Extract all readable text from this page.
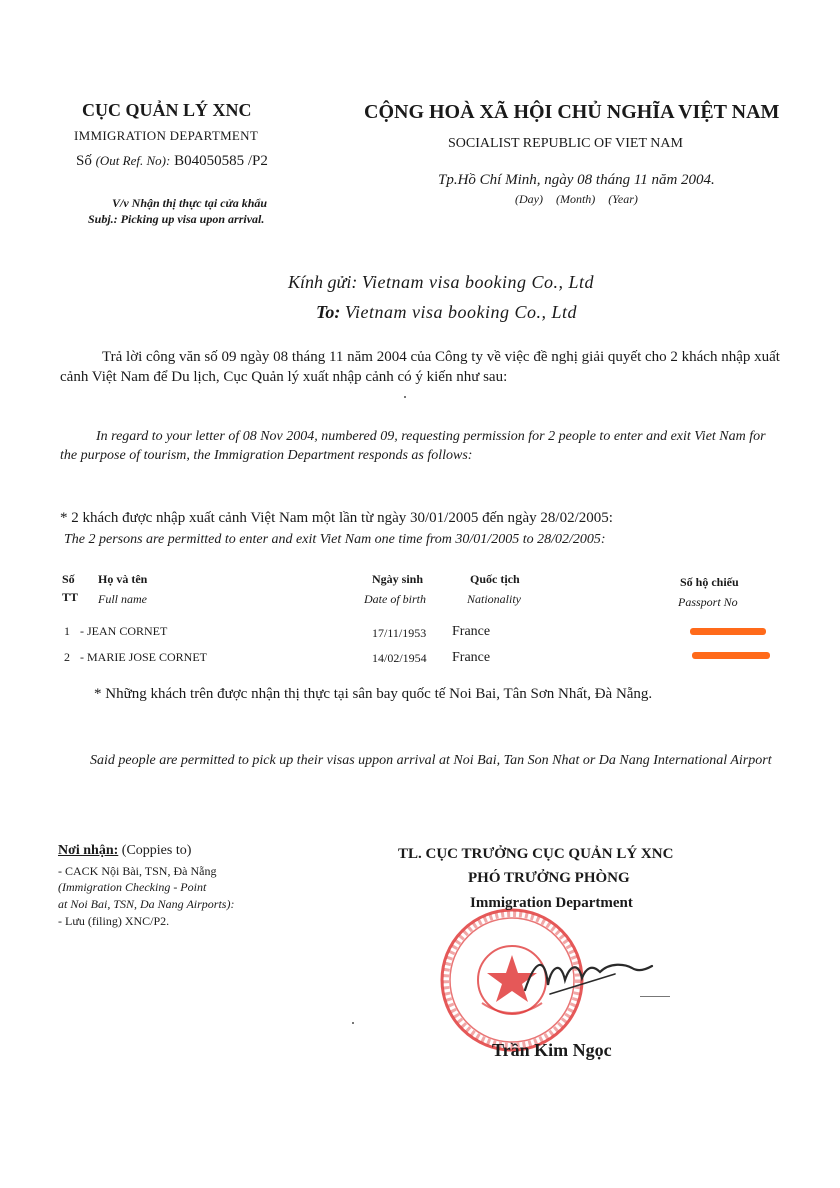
CỤC QUẢN LÝ XNC
IMMIGRATION DEPARTMENT
Số (Out Ref. No): B04050585 /P2
V/v Nhận thị thực tại cửa khẩu
Subj.: Picking up visa upon arrival.
CỘNG HOÀ XÃ HỘI CHỦ NGHĨA VIỆT NAM
SOCIALIST REPUBLIC OF VIET NAM
Tp.Hồ Chí Minh, ngày 08 tháng 11 năm 2004.
(Day) (Month) (Year)
Kính gửi: Vietnam visa booking Co., Ltd
To: Vietnam visa booking Co., Ltd
Trả lời công văn số 09 ngày 08 tháng 11 năm 2004 của Công ty về việc đề nghị giải quyết cho 2 khách nhập xuất cảnh Việt Nam để Du lịch, Cục Quản lý xuất nhập cảnh có ý kiến như sau:
In regard to your letter of 08 Nov 2004, numbered 09, requesting permission for 2 people to enter and exit Viet Nam for the purpose of tourism, the Immigration Department responds as follows:
* 2 khách được nhập xuất cảnh Việt Nam một lần từ ngày 30/01/2005 đến ngày 28/02/2005:
The 2 persons are permitted to enter and exit Viet Nam one time from 30/01/2005 to 28/02/2005:
Số
TT
Họ và tên
Full name
Ngày sinh
Date of birth
Quốc tịch
Nationality
Số hộ chiếu
Passport No
1 - JEAN CORNET	17/11/1953 France
2 - MARIE JOSE CORNET	14/02/1954 France
* Những khách trên được nhận thị thực tại sân bay quốc tế Noi Bai, Tân Sơn Nhất, Đà Nẵng.
Said people are permitted to pick up their visas uppon arrival at Noi Bai, Tan Son Nhat or Da Nang International Airport
Nơi nhận: (Coppies to)
- CACK Nội Bài, TSN, Đà Nẵng
(Immigration Checking - Point
at Noi Bai, TSN, Da Nang Airports):
- Lưu (filing) XNC/P2.
TL. CỤC TRƯỞNG CỤC QUẢN LÝ XNC
PHÓ TRƯỞNG PHÒNG
Immigration Department
Trần Kim Ngọc
